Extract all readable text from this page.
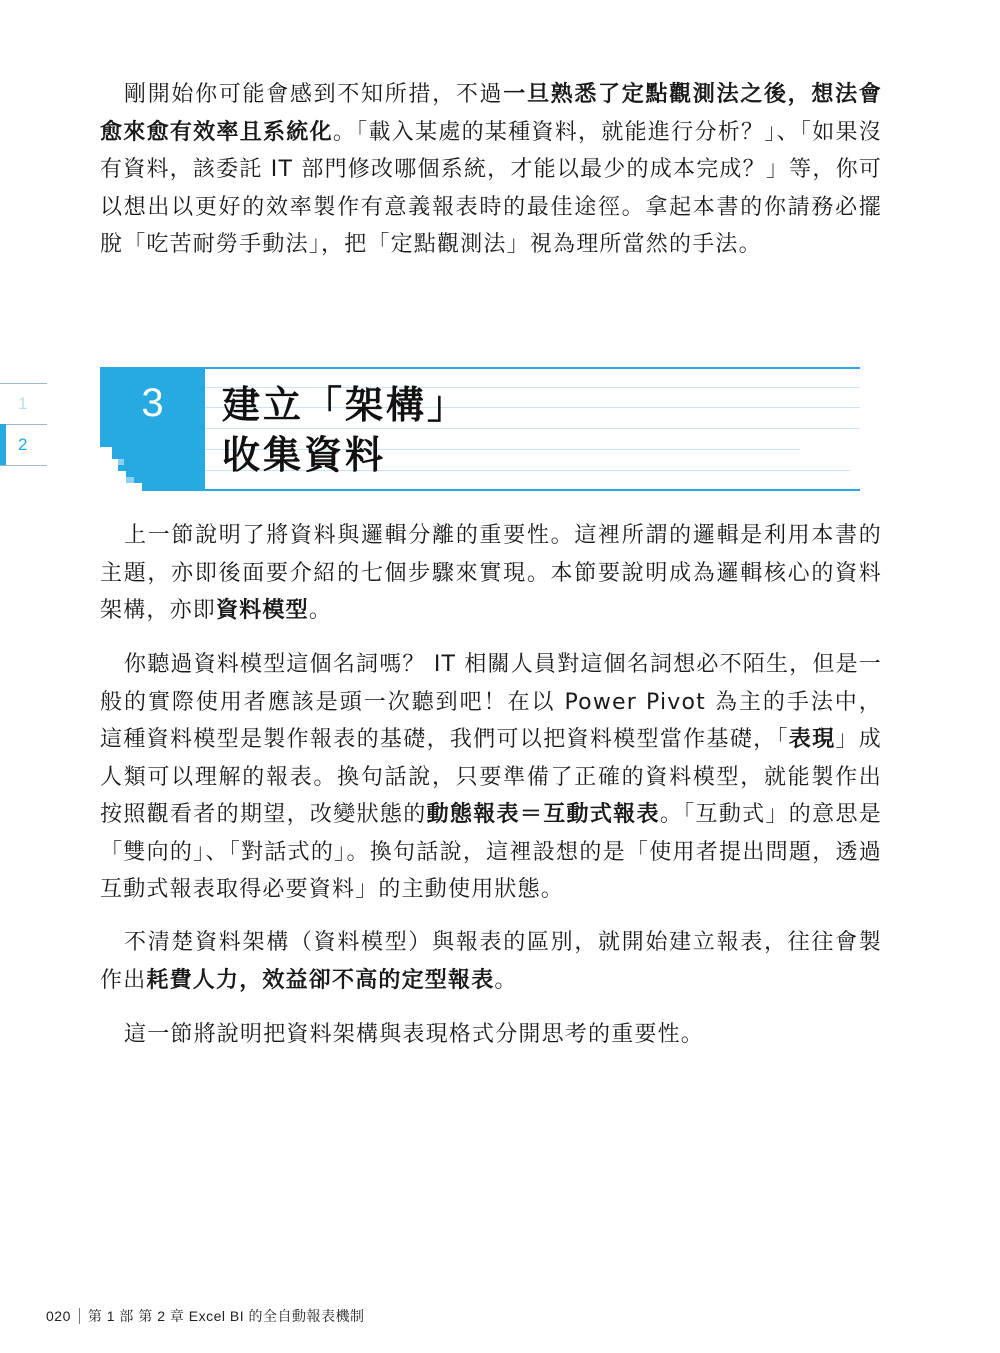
剛開始你可能會感到不知所措，不過一旦熟悉了定點觀測法之後，想法會愈來愈有效率且系統化。「載入某處的某種資料，就能進行分析？」、「如果沒有資料，該委託 IT 部門修改哪個系統，才能以最少的成本完成？」等，你可以想出以更好的效率製作有意義報表時的最佳途徑。拿起本書的你請務必擺脫「吃苦耐勞手動法」，把「定點觀測法」視為理所當然的手法。

1
2
3	建立「架構」
收集資料

上一節說明了將資料與邏輯分離的重要性。這裡所謂的邏輯是利用本書的主題，亦即後面要介紹的七個步驟來實現。本節要說明成為邏輯核心的資料架構，亦即資料模型。

你聽過資料模型這個名詞嗎？ IT 相關人員對這個名詞想必不陌生，但是一般的實際使用者應該是頭一次聽到吧！在以 Power Pivot 為主的手法中，這種資料模型是製作報表的基礎，我們可以把資料模型當作基礎，「表現」成人類可以理解的報表。換句話說，只要準備了正確的資料模型，就能製作出按照觀看者的期望，改變狀態的動態報表＝互動式報表。「互動式」的意思是「雙向的」、「對話式的」。換句話說，這裡設想的是「使用者提出問題，透過互動式報表取得必要資料」的主動使用狀態。

不清楚資料架構（資料模型）與報表的區別，就開始建立報表，往往會製作出耗費人力，效益卻不高的定型報表。

這一節將說明把資料架構與表現格式分開思考的重要性。

020 第 1 部 第 2 章 Excel BI 的全自動報表機制
